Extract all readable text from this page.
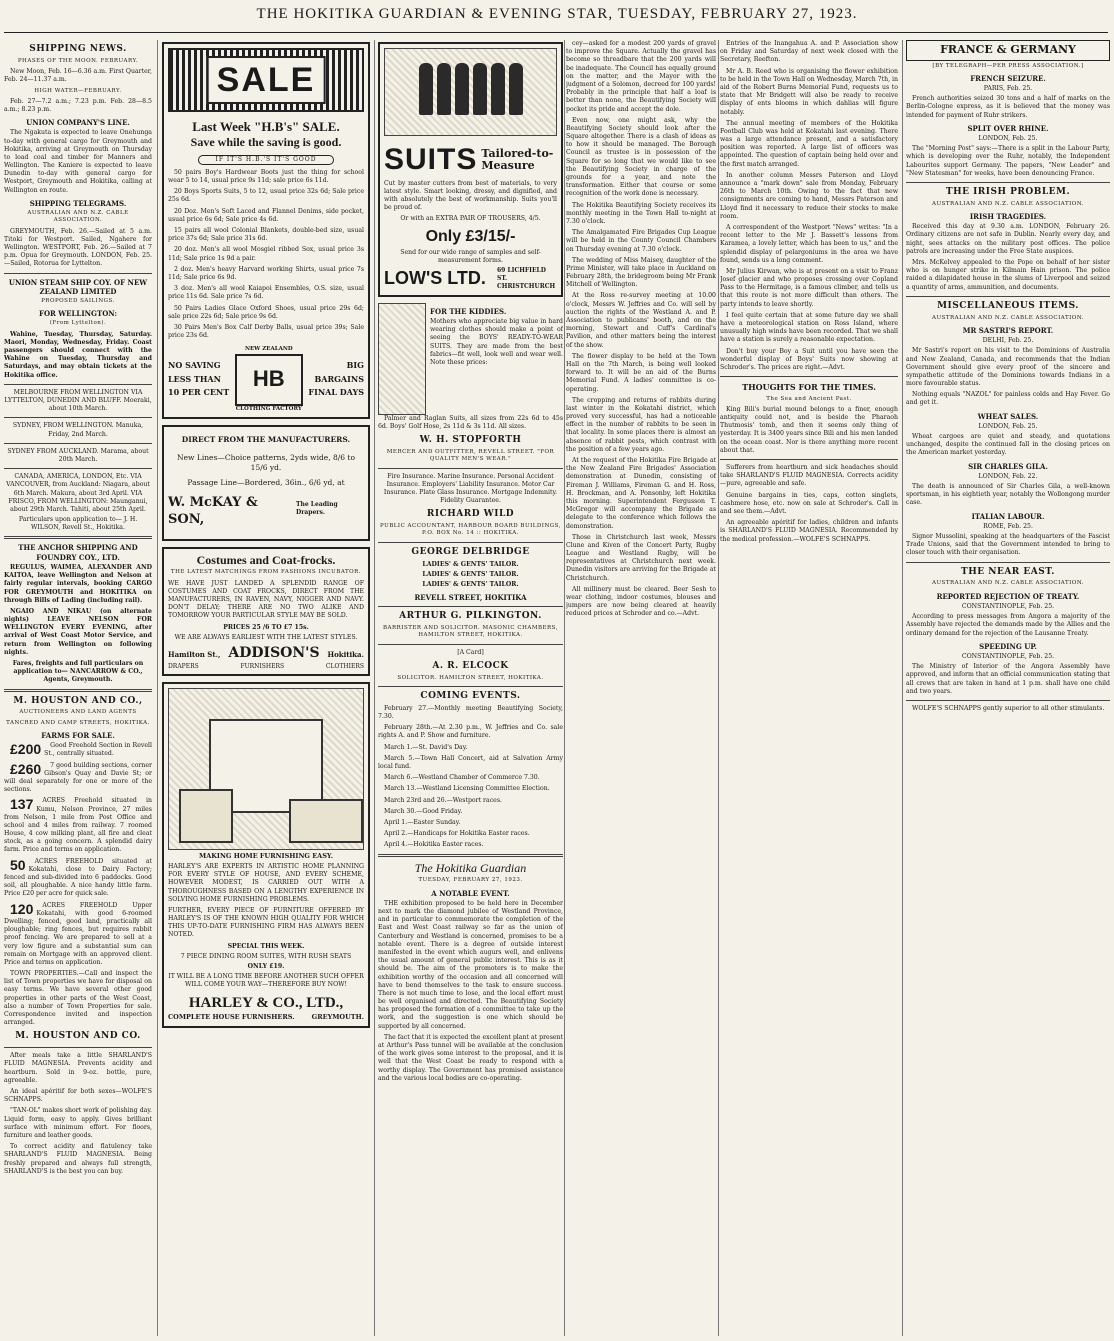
THE HOKITIKA GUARDIAN & EVENING STAR, TUESDAY, FEBRUARY 27, 1923.
SHIPPING NEWS.
PHASES OF THE MOON. FEBRUARY.
New Moon, Feb. 16—6.36 a.m. First Quarter, Feb. 24—11.37 a.m.
HIGH WATER—FEBRUARY.
Feb. 27—7.2 a.m.; 7.23 p.m. Feb. 28—8.5 a.m.; 8.23 p.m.
UNION COMPANY'S LINE.
The Ngakuta is expected to leave Onehunga to-day with general cargo for Greymouth and Hokitika, arriving at Greymouth on Thursday to load coal and timber for Manners and Wellington. The Kaniere is expected to leave Dunedin to-day with general cargo for Westport, Greymouth and Hokitika, calling at Wellington en route.
SHIPPING TELEGRAMS.
AUSTRALIAN AND N.Z. CABLE ASSOCIATION.
GREYMOUTH, Feb. 26.—Sailed at 5 a.m. Titoki for Westport. Sailed, Ngahere for Wellington. WESTPORT, Feb. 26.—Sailed at 7 p.m. Opua for Greymouth. LONDON, Feb. 25.—Sailed, Rotorua for Lyttelton.
UNION STEAM SHIP COY. OF NEW ZEALAND LIMITED
PROPOSED SAILINGS.
FOR WELLINGTON:
(From Lyttelton).
Wahine, Tuesday, Thursday, Saturday. Maori, Monday, Wednesday, Friday. Coast passengers should connect with the Wahine on Tuesday, Thursday and Saturdays, and may obtain tickets at the Hokitika office.
MELBOURNE FROM WELLINGTON VIA LYTTELTON, DUNEDIN AND BLUFF. Moeraki, about 10th March.
SYDNEY, FROM WELLINGTON. Manuka, Friday, 2nd March.
SYDNEY FROM AUCKLAND. Marama, about 20th March.
CANADA, AMERICA, LONDON, Etc. VIA VANCOUVER, from Auckland: Niagara, about 6th March. Makura, about 3rd April. VIA FRISCO, FROM WELLINGTON: Maunganui, about 29th March. Tahiti, about 25th April.
Particulars upon application to— J. H. WILSON, Revell St., Hokitika.
THE ANCHOR SHIPPING AND FOUNDRY COY., LTD.
REGULUS, WAIMEA, ALEXANDER AND KAITOA, leave Wellington and Nelson at fairly regular intervals, booking CARGO FOR GREYMOUTH and HOKITIKA on through Bills of Lading (including rail).
NGAIO AND NIKAU (on alternate nights) LEAVE NELSON FOR WELLINGTON EVERY EVENING, after arrival of West Coast Motor Service, and return from Wellington on following nights.
Fares, freights and full particulars on application to— NANCARROW & CO., Agents, Greymouth.
M. HOUSTON AND CO.,
AUCTIONEERS AND LAND AGENTS
TANCRED AND CAMP STREETS, HOKITIKA.
FARMS FOR SALE.
£200 Good Freehold Section in Revell St., centrally situated.
£260 7 good building sections, corner Gibson's Quay and Davie St; or will deal separately for one or more of the sections.
137 ACRES Freehold situated in Kumu, Nelson Province, 27 miles from Nelson, 1 mile from Post Office and school and 4 miles from railway. 7 roomed House, 4 cow milking plant, all fire and cleat stock, as a going concern. A splendid dairy farm. Price and terms on application.
50 ACRES FREEHOLD situated at Kokatahi, close to Dairy Factory; fenced and sub-divided into 6 paddocks. Good soil, all ploughable. A nice handy little farm. Price £20 per acre for quick sale.
120 ACRES FREEHOLD Upper Kokatahi, with good 6-roomed Dwelling; fenced, good land, practically all ploughable; ring fences, but requires rabbit proof fencing. We are prepared to sell at a very low figure and a substantial sum can remain on Mortgage with an approved client. Price and terms on application.
TOWN PROPERTIES.—Call and inspect the list of Town properties we have for disposal on easy terms. We have several other good properties in other parts of the West Coast, also a number of Town Properties for sale. Correspondence invited and inspection arranged.
M. HOUSTON AND CO.
After meals take a little SHARLAND'S FLUID MAGNESIA. Prevents acidity and heartburn. Sold in 9-oz. bottle, pure, agreeable.
An ideal apéritif for both sexes—WOLFE'S SCHNAPPS.
"TAN-OL" makes short work of polishing day. Liquid form, easy to apply. Gives brilliant surface with minimum effort. For floors, furniture and leather goods.
To correct acidity and flatulency take SHARLAND'S FLUID MAGNESIA. Being freshly prepared and always full strength, SHARLAND'S is the best you can buy.
SALE
Last Week "H.B's" SALE.
Save while the saving is good.
IF IT'S H.B.'S IT'S GOOD
50 pairs Boy's Hardwear Boots just the thing for school wear 5 to 14, usual price 9s 11d; sale price 6s 11d.
20 Boys Sports Suits, 5 to 12, usual price 32s 6d; Sale price 25s 6d.
20 Doz. Men's Soft Laced and Flannel Denims, side pocket, usual price 6s 6d; Sale price 4s 6d.
15 pairs all wool Colonial Blankets, double-bed size, usual price 37s 6d; Sale price 31s 6d.
20 doz. Men's all wool Mosgiel ribbed Sox, usual price 3s 11d; Sale price 1s 9d a pair.
2 doz. Men's heavy Harvard working Shirts, usual price 7s 11d; Sale price 6s 9d.
3 doz. Men's all wool Kaiapoi Ensembles, O.S. size, usual price 11s 6d. Sale price 7s 6d.
50 Pairs Ladies Glace Oxford Shoes, usual price 29s 6d; sale price 22s 6d; Sale price 9s 6d.
30 Pairs Men's Box Calf Derby Balls, usual price 39s; Sale price 23s 6d.
NO SAVING
LESS THAN
10 PER CENT
NEW ZEALAND
HB
CLOTHING FACTORY
BIG
BARGAINS
FINAL DAYS
DIRECT FROM THE MANUFACTURERS.
New Lines—Choice patterns, 2yds wide, 8/6 to 15/6 yd.
Passage Line—Bordered, 36in., 6/6 yd, at
W. McKAY & SON,
The Leading Drapers.
Costumes and Coat-frocks.
THE LATEST MATCHINGS FROM FASHIONS INCUBATOR.
WE HAVE JUST LANDED A SPLENDID RANGE OF COSTUMES AND COAT FROCKS, DIRECT FROM THE MANUFACTURERS, IN RAVEN, NAVY, NIGGER AND NAVY. DON'T DELAY; THERE ARE NO TWO ALIKE AND TOMORROW YOUR PARTICULAR STYLE MAY BE SOLD.
PRICES 25 /6 TO £7 15s.
WE ARE ALWAYS EARLIEST WITH THE LATEST STYLES.
Hamilton St., ADDISON'S Hokitika.
DRAPERS	FURNISHERS	CLOTHIERS
MAKING HOME FURNISHING EASY.
HARLEY'S ARE EXPERTS IN ARTISTIC HOME PLANNING FOR EVERY STYLE OF HOUSE, AND EVERY SCHEME, HOWEVER MODEST, IS CARRIED OUT WITH A THOROUGHNESS BASED ON A LENGTHY EXPERIENCE IN SOLVING HOME FURNISHING PROBLEMS.
FURTHER, EVERY PIECE OF FURNITURE OFFERED BY HARLEY'S IS OF THE KNOWN HIGH QUALITY FOR WHICH THIS UP-TO-DATE FURNISHING FIRM HAS ALWAYS BEEN NOTED.
SPECIAL THIS WEEK.
7 PIECE DINING ROOM SUITES, WITH RUSH SEATS
ONLY £19.
IT WILL BE A LONG TIME BEFORE ANOTHER SUCH OFFER WILL COME YOUR WAY—THEREFORE BUY NOW!
HARLEY & CO., LTD.,
COMPLETE HOUSE FURNISHERS.	GREYMOUTH.
SUITS Tailored-to-Measure
Cut by master cutters from best of materials, to very latest style. Smart looking, dressy, and dignified, and with absolutely the best of workmanship. Suits you'll be proud of.
Or with an EXTRA PAIR OF TROUSERS, 4/5.
Only £3/15/-
Send for our wide range of samples and self-measurement forms.
LOW'S LTD. 69 LICHFIELD ST. CHRISTCHURCH
FOR THE KIDDIES.
Mothers who appreciate big value in hard wearing clothes should make a point of seeing the BOYS' READY-TO-WEAR SUITS. They are made from the best fabrics—fit well, look well and wear well. Note these prices:
Palmer and Raglan Suits, all sizes from 22s 6d to 45s 6d. Boys' Golf Hose, 2s 11d & 3s 11d. All sizes.
W. H. STOPFORTH
MERCER AND OUTFITTER, REVELL STREET. "FOR QUALITY MEN'S WEAR."
Fire Insurance. Marine Insurance. Personal Accident Insurance. Employers' Liability Insurance. Motor Car Insurance. Plate Glass Insurance. Mortgage Indemnity. Fidelity Guarantee.
RICHARD WILD
PUBLIC ACCOUNTANT, HARBOUR BOARD BUILDINGS, P.O. BOX No. 14 :: HOKITIKA.
GEORGE DELBRIDGE
LADIES' & GENTS' TAILOR.
LADIES' & GENTS' TAILOR.
LADIES' & GENTS' TAILOR.
REVELL STREET, HOKITIKA
ARTHUR G. PILKINGTON.
BARRISTER AND SOLICITOR. MASONIC CHAMBERS, HAMILTON STREET, HOKITIKA.
[A Card]
A. R. ELCOCK
SOLICITOR. HAMILTON STREET, HOKITIKA.
COMING EVENTS.
February 27.—Monthly meeting Beautifying Society, 7.30.
February 28th.—At 2.30 p.m., W. Jeffries and Co. sale rights A. and P. Show and furniture.
March 1.—St. David's Day.
March 5.—Town Hall Concert, aid at Salvation Army local fund.
March 6.—Westland Chamber of Commerce 7.30.
March 13.—Westland Licensing Committee Election.
March 23rd and 26.—Westport races.
March 30.—Good Friday.
April 1.—Easter Sunday.
April 2.—Handicaps for Hokitika Easter races.
April 4.—Hokitika Easter races.
The Hokitika Guardian
TUESDAY, FEBRUARY 27, 1923.
A NOTABLE EVENT.
THE exhibition proposed to be held here in December next to mark the diamond jubilee of Westland Province, and in particular to commemorate the completion of the East and West Coast railway so far as the union of Canterbury and Westland is concerned, promises to be a notable event. There is a degree of outside interest manifested in the event which augurs well, and enlivens the usual amount of general public interest. This is as it should be. The aim of the promoters is to make the exhibition worthy of the occasion and all concerned will have to bend themselves to the task to ensure success. There is not much time to lose, and the local effort must be well organised and directed. The Beautifying Society has proposed the formation of a committee to take up the work, and the suggestion is one which should be supported by all concerned.
The fact that it is expected the excellent plant at present at Arthur's Pass tunnel will be available at the conclusion of the work gives some interest to the proposal, and it is well that the West Coast be ready to respond with a worthy display. The Government has promised assistance and the various local bodies are co-operating.
cey—asked for a modest 200 yards of gravel to improve the Square. Actually the gravel has become so threadbare that the 200 yards will be inadequate. The Council has equally ground on the matter, and the Mayor with the judgment of a Solomon, decreed for 100 yards! Probably in the principle that half a loaf is better than none, the Beautifying Society will pocket its pride and accept the dole.
Even now, one might ask, why the Beautifying Society should look after the Square altogether. There is a clash of ideas as to how it should be managed. The Borough Council as trustee is in possession of the Square for so long that we would like to see the Beautifying Society in charge of the grounds for a year, and note the transformation. Either that course or some recognition of the work done is necessary.
The Hokitika Beautifying Society receives its monthly meeting in the Town Hall to-night at 7.30 o'clock.
The Amalgamated Fire Brigades Cup League will be held in the County Council Chambers on Thursday evening at 7.30 o'clock.
The wedding of Miss Maisey, daughter of the Prime Minister, will take place in Auckland on February 28th, the bridegroom being Mr Frank Mitchell of Wellington.
At the Ross re-survey meeting at 10.00 o'clock, Messrs W. Jeffries and Co. will sell by auction the rights of the Westland A. and P. Association to publicans' booth, and on the morning, Stewart and Cuff's Cardinal's Pavilion, and other matters being the interest of the show.
The flower display to be held at the Town Hall on the 7th March, is being well looked forward to. It will be an aid of the Burns Memorial Fund. A ladies' committee is co-operating.
The cropping and returns of rabbits during last winter in the Kokatahi district, which proved very successful, has had a noticeable effect in the number of rabbits to be seen in that locality. In some places there is almost an absence of rabbit pests, which contrast with the position of a few years ago.
At the request of the Hokitika Fire Brigade at the New Zealand Fire Brigades' Association demonstration at Dunedin, consisting of Fireman J. Williams, Fireman G. and H. Ross, H. Brockman, and A. Ponsonby, left Hokitika this morning. Superintendent Fergusson T. McGregor will accompany the Brigade as delegate to the conference which follows the demonstration.
Those in Christchurch last week, Messrs Clune and Kiven of the Concert Party, Rugby League and Westland Rugby, will be representatives at Christchurch next week. Dunedin visitors are arriving for the Brigade at Christchurch.
All millinery must be cleared. Beer Sesh to wear clothing, indoor costumes, blouses and jumpers are now being cleared at heavily reduced prices at Schroder and co.—Advt.
Entries of the Inangahua A. and P. Association show on Friday and Saturday of next week closed with the Secretary, Reefton.
Mr A. B. Reed who is organising the flower exhibition to be held in the Town Hall on Wednesday, March 7th, in aid of the Robert Burns Memorial Fund, requests us to state that Mr Bridgett will also be ready to receive display of ents blooms in which dahlias will figure notably.
The annual meeting of members of the Hokitika Football Club was held at Kokatahi last evening. There was a large attendance present, and a satisfactory position was reported. A large list of officers was appointed. The question of captain being held over and the first match arranged.
In another column Messrs Paterson and Lloyd announce a "mark down" sale from Monday, February 26th to March 10th. Owing to the fact that new consignments are coming to hand, Messrs Paterson and Lloyd find it necessary to reduce their stocks to make room.
A correspondent of the Westport "News" writes: "In a recent letter to the Mr J. Bassett's lessons from Karamea, a lovely letter, which has been to us," and the splendid display of pelargoniums in the area we have found, sends us a long comment.
Mr Julius Kirwan, who is at present on a visit to Franz Josef glacier and who proposes crossing over Copland Pass to the Hermitage, is a famous climber, and tells us that this route is not more difficult than others. The party intends to leave shortly.
I feel quite certain that at some future day we shall have a meteorological station on Ross Island, where unusually high winds have been recorded. That we shall have a station is surely a reasonable expectation.
Don't buy your Boy a Suit until you have seen the wonderful display of Boys' Suits now showing at Schroder's. The prices are right.—Advt.
THOUGHTS FOR THE TIMES.
The Sea and Ancient Past.
King Bili's burial mound belongs to a finer, enough antiquity could not, and is beside the Pharaoh Thutmosis' tomb, and then it seems only thing of yesterday. It is 3400 years since Bili and his men landed on the ocean coast. Nor is there anything more recent about that.
Sufferers from heartburn and sick headaches should take SHARLAND'S FLUID MAGNESIA. Corrects acidity—pure, agreeable and safe.
Genuine bargains in ties, caps, cotton singlets, cashmere hose, etc. now on sale at Schroder's. Call in and see them.—Advt.
An agreeable apéritif for ladies, children and infants is SHARLAND'S FLUID MAGNESIA. Recommended by the medical profession.—WOLFE'S SCHNAPPS.
FRANCE & GERMANY
[BY TELEGRAPH—PER PRESS ASSOCIATION.]
FRENCH SEIZURE.
PARIS, Feb. 25.
French authorities seized 30 tons and a half of marks on the Berlin-Cologne express, as it is believed that the money was intended for payment of Ruhr strikers.
SPLIT OVER RHINE.
LONDON, Feb. 25.
The "Morning Post" says:—There is a split in the Labour Party, which is developing over the Ruhr, notably, the Independent Labourites support Germany. The papers, "New Leader" and "New Statesman" for weeks, have been denouncing France.
THE IRISH PROBLEM.
AUSTRALIAN AND N.Z. CABLE ASSOCIATION.
IRISH TRAGEDIES.
Received this day at 9.30 a.m. LONDON, February 26. Ordinary citizens are not safe in Dublin. Nearly every day, and night, sees attacks on the military post offices. The police patrols are increasing under the Free State auspices.
Mrs. McKelvey appealed to the Pope on behalf of her sister who is on hunger strike in Kilmain Hain prison. The police raided a dilapidated house in the slums of Liverpool and seized a quantity of arms, ammunition, and documents.
MISCELLANEOUS ITEMS.
AUSTRALIAN AND N.Z. CABLE ASSOCIATION.
MR SASTRI'S REPORT.
DELHI, Feb. 25.
Mr Sastri's report on his visit to the Dominions of Australia and New Zealand, Canada, and recommends that the Indian Government should give every proof of the sincere and sympathetic attitude of the Dominions towards Indians in a more favourable status.
Nothing equals "NAZOL" for painless colds and Hay Fever. Go and get it.
WHEAT SALES.
LONDON, Feb. 25.
Wheat cargoes are quiet and steady, and quotations unchanged, despite the continued fall in the closing prices on the American market yesterday.
SIR CHARLES GILA.
LONDON, Feb. 22.
The death is announced of Sir Charles Gila, a well-known sportsman, in his eightieth year, notably the Wollongong murder case.
ITALIAN LABOUR.
ROME, Feb. 25.
Signor Mussolini, speaking at the headquarters of the Fascist Trade Unions, said that the Government intended to bring to closer touch with their organisation.
THE NEAR EAST.
AUSTRALIAN AND N.Z. CABLE ASSOCIATION.
REPORTED REJECTION OF TREATY.
CONSTANTINOPLE, Feb. 25.
According to press messages from Angora a majority of the Assembly have rejected the demands made by the Allies and the ordinary demand for the rejection of the Lausanne Treaty.
SPEEDING UP.
CONSTANTINOPLE, Feb. 25.
The Ministry of Interior of the Angora Assembly have approved, and inform that an official communication stating that all crews that are taken in hand at 1 p.m. shall have one child and two years.
WOLFE'S SCHNAPPS gently superior to all other stimulants.
